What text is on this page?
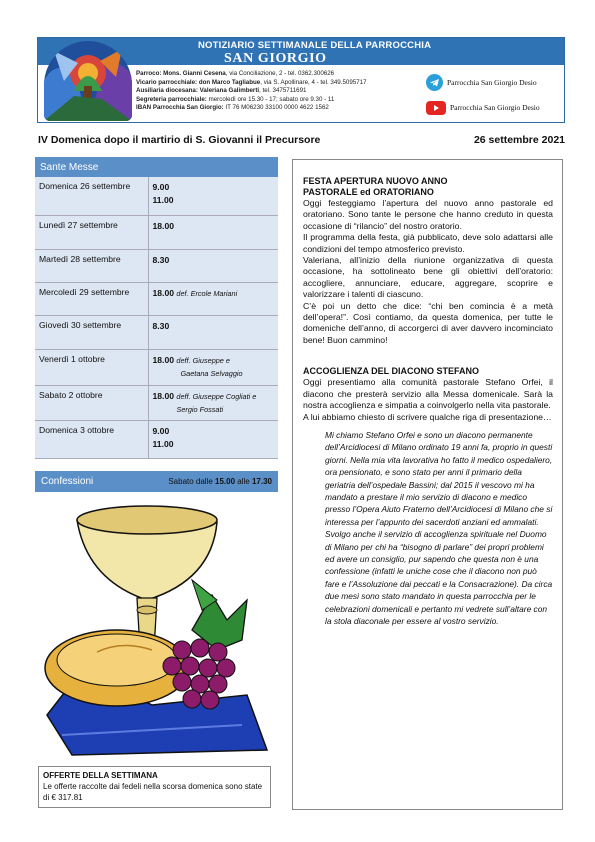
NOTIZIARIO SETTIMANALE DELLA PARROCCHIA
SAN GIORGIO
Parroco: Mons. Gianni Cesena, via Conciliazione, 2 - tel. 0362.300626
Vicario parrocchiale: don Marco Tagliabue, via S. Apollinare, 4 - tel. 349.5095717
Ausiliaria diocesana: Valeriana Galimberti, tel. 3475711691
Segreteria parrocchiale: mercoledì ore 15.30 - 17; sabato ore 9.30 - 11
IBAN Parrocchia San Giorgio: IT 76 M06230 33100 0000 4622 1562
Parrocchia San Giorgio Desio
Parrocchia San Giorgio Desio
IV Domenica dopo il martirio di S. Giovanni il Precursore	26 settembre 2021
Sante Messe
Domenica 26 settembre	9.00
11.00

Lunedì 27 settembre	18.00

Martedì 28 settembre	8.30

Mercoledì 29 settembre	18.00 def. Ercole Mariani

Giovedì 30 settembre	8.30

Venerdì 1 ottobre	18.00 deff. Giuseppe e
Gaetana Selvaggio

Sabato 2 ottobre	18.00 deff. Giuseppe Cogliati e
Sergio Fossati

Domenica 3 ottobre	9.00
11.00
Confessioni	Sabato dalle 15.00 alle 17.30
OFFERTE DELLA SETTIMANA
Le offerte raccolte dai fedeli nella scorsa domenica sono state di € 317.81
FESTA APERTURA NUOVO ANNO
PASTORALE ed ORATORIANO

Oggi festeggiamo l’apertura del nuovo anno pastorale ed oratoriano. Sono tante le persone che hanno creduto in questa occasione di “rilancio” del nostro oratorio.

Il programma della festa, già pubblicato, deve solo adattarsi alle condizioni del tempo atmosferico previsto.

Valeriana, all’inizio della riunione organizzativa di questa occasione, ha sottolineato bene gli obiettivi dell’oratorio: accogliere, annunciare, educare, aggregare, scoprire e valorizzare i talenti di ciascuno.

C’è poi un detto che dice: “chi ben comincia è a metà dell’opera!”. Così contiamo, da questa domenica, per tutte le domeniche dell’anno, di accorgerci di aver davvero incominciato bene! Buon cammino!

ACCOGLIENZA DEL DIACONO STEFANO

Oggi presentiamo alla comunità pastorale Stefano Orfei, il diacono che presterà servizio alla Messa domenicale. Sarà la nostra accoglienza e simpatia a coinvolgerlo nella vita pastorale.

A lui abbiamo chiesto di scrivere qualche riga di presentazione…

Mi chiamo Stefano Orfei e sono un diacono permanente dell’Arcidiocesi di Milano ordinato 19 anni fa, proprio in questi giorni. Nella mia vita lavorativa ho fatto il medico ospedaliero, ora pensionato, e sono stato per anni il primario della geriatria dell’ospedale Bassini; dal 2015 il vescovo mi ha mandato a prestare il mio servizio di diacono e medico presso l’Opera Aiuto Fraterno dell’Arcidiocesi di Milano che si interessa per l’appunto dei sacerdoti anziani ed ammalati. Svolgo anche il servizio di accoglienza spirituale nel Duomo di Milano per chi ha “bisogno di parlare” dei propri problemi ed avere un consiglio, pur sapendo che questa non è una confessione (infatti le uniche cose che il diacono non può fare e l’Assoluzione dai peccati e la Consacrazione). Da circa due mesi sono stato mandato in questa parrocchia per le celebrazioni domenicali e pertanto mi vedrete sull’altare con la stola diaconale per essere al vostro servizio.
